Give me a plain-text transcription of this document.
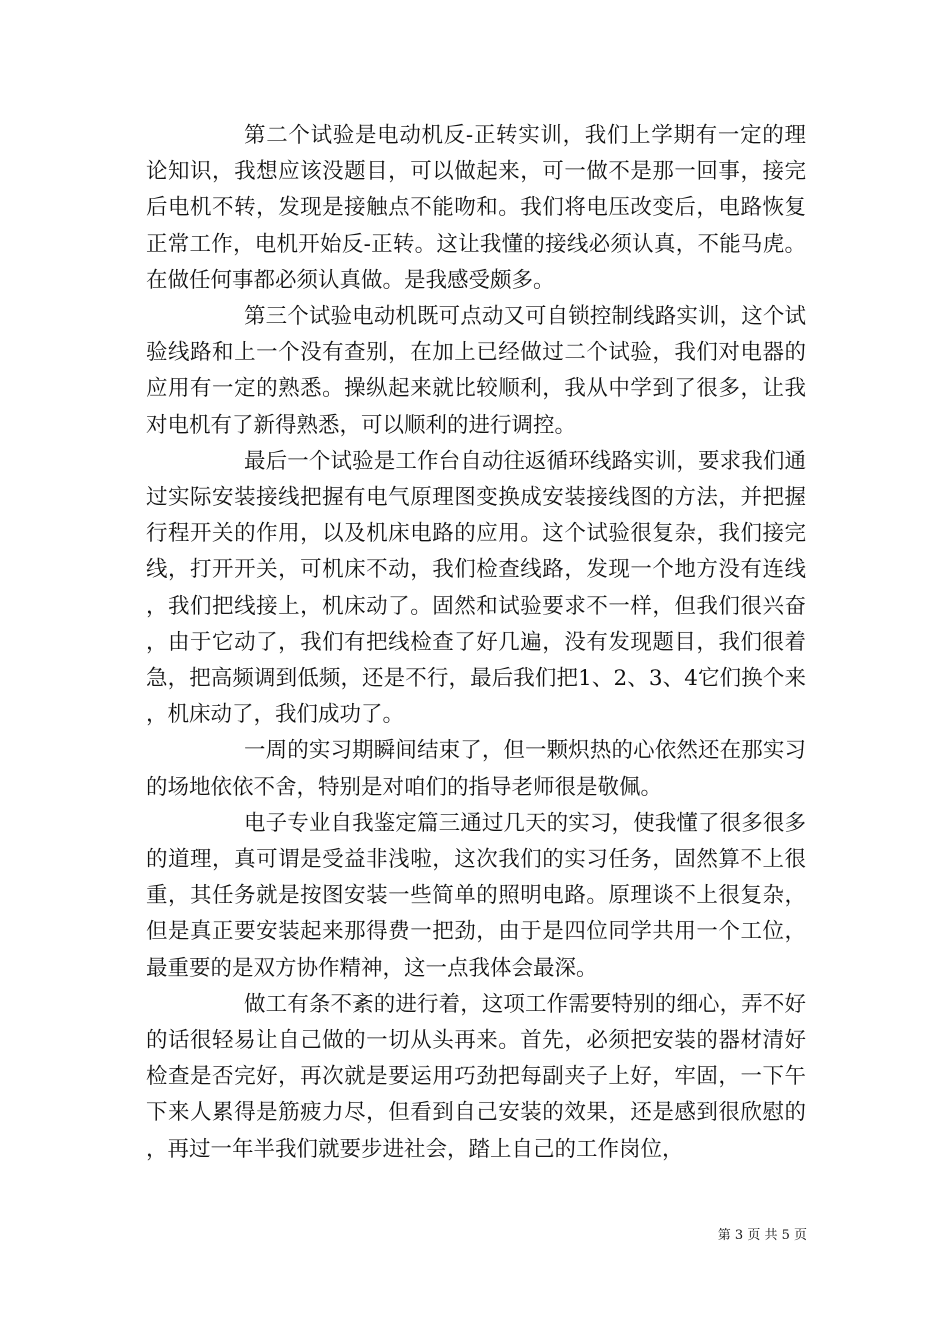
第二个试验是电动机反-正转实训，我们上学期有一定的理论知识，我想应该没题目，可以做起来，可一做不是那一回事，接完后电机不转，发现是接触点不能吻和。我们将电压改变后，电路恢复正常工作，电机开始反-正转。这让我懂的接线必须认真，不能马虎。在做任何事都必须认真做。是我感受颇多。

第三个试验电动机既可点动又可自锁控制线路实训，这个试验线路和上一个没有查别，在加上已经做过二个试验，我们对电器的应用有一定的熟悉。操纵起来就比较顺利，我从中学到了很多，让我对电机有了新得熟悉，可以顺利的进行调控。

最后一个试验是工作台自动往返循环线路实训，要求我们通过实际安装接线把握有电气原理图变换成安装接线图的方法，并把握行程开关的作用，以及机床电路的应用。这个试验很复杂，我们接完线，打开开关，可机床不动，我们检查线路，发现一个地方没有连线，我们把线接上，机床动了。固然和试验要求不一样，但我们很兴奋，由于它动了，我们有把线检查了好几遍，没有发现题目，我们很着急，把高频调到低频，还是不行，最后我们把1、2、3、4它们换个来，机床动了，我们成功了。

一周的实习期瞬间结束了，但一颗炽热的心依然还在那实习的场地依依不舍，特别是对咱们的指导老师很是敬佩。

电子专业自我鉴定篇三通过几天的实习，使我懂了很多很多的道理，真可谓是受益非浅啦，这次我们的实习任务，固然算不上很重，其任务就是按图安装一些简单的照明电路。原理谈不上很复杂，但是真正要安装起来那得费一把劲，由于是四位同学共用一个工位，最重要的是双方协作精神，这一点我体会最深。

做工有条不紊的进行着，这项工作需要特别的细心，弄不好的话很轻易让自己做的一切从头再来。首先，必须把安装的器材清好检查是否完好，再次就是要运用巧劲把每副夹子上好，牢固，一下午下来人累得是筋疲力尽，但看到自己安装的效果，还是感到很欣慰的，再过一年半我们就要步进社会，踏上自己的工作岗位，

第 3 页 共 5 页
